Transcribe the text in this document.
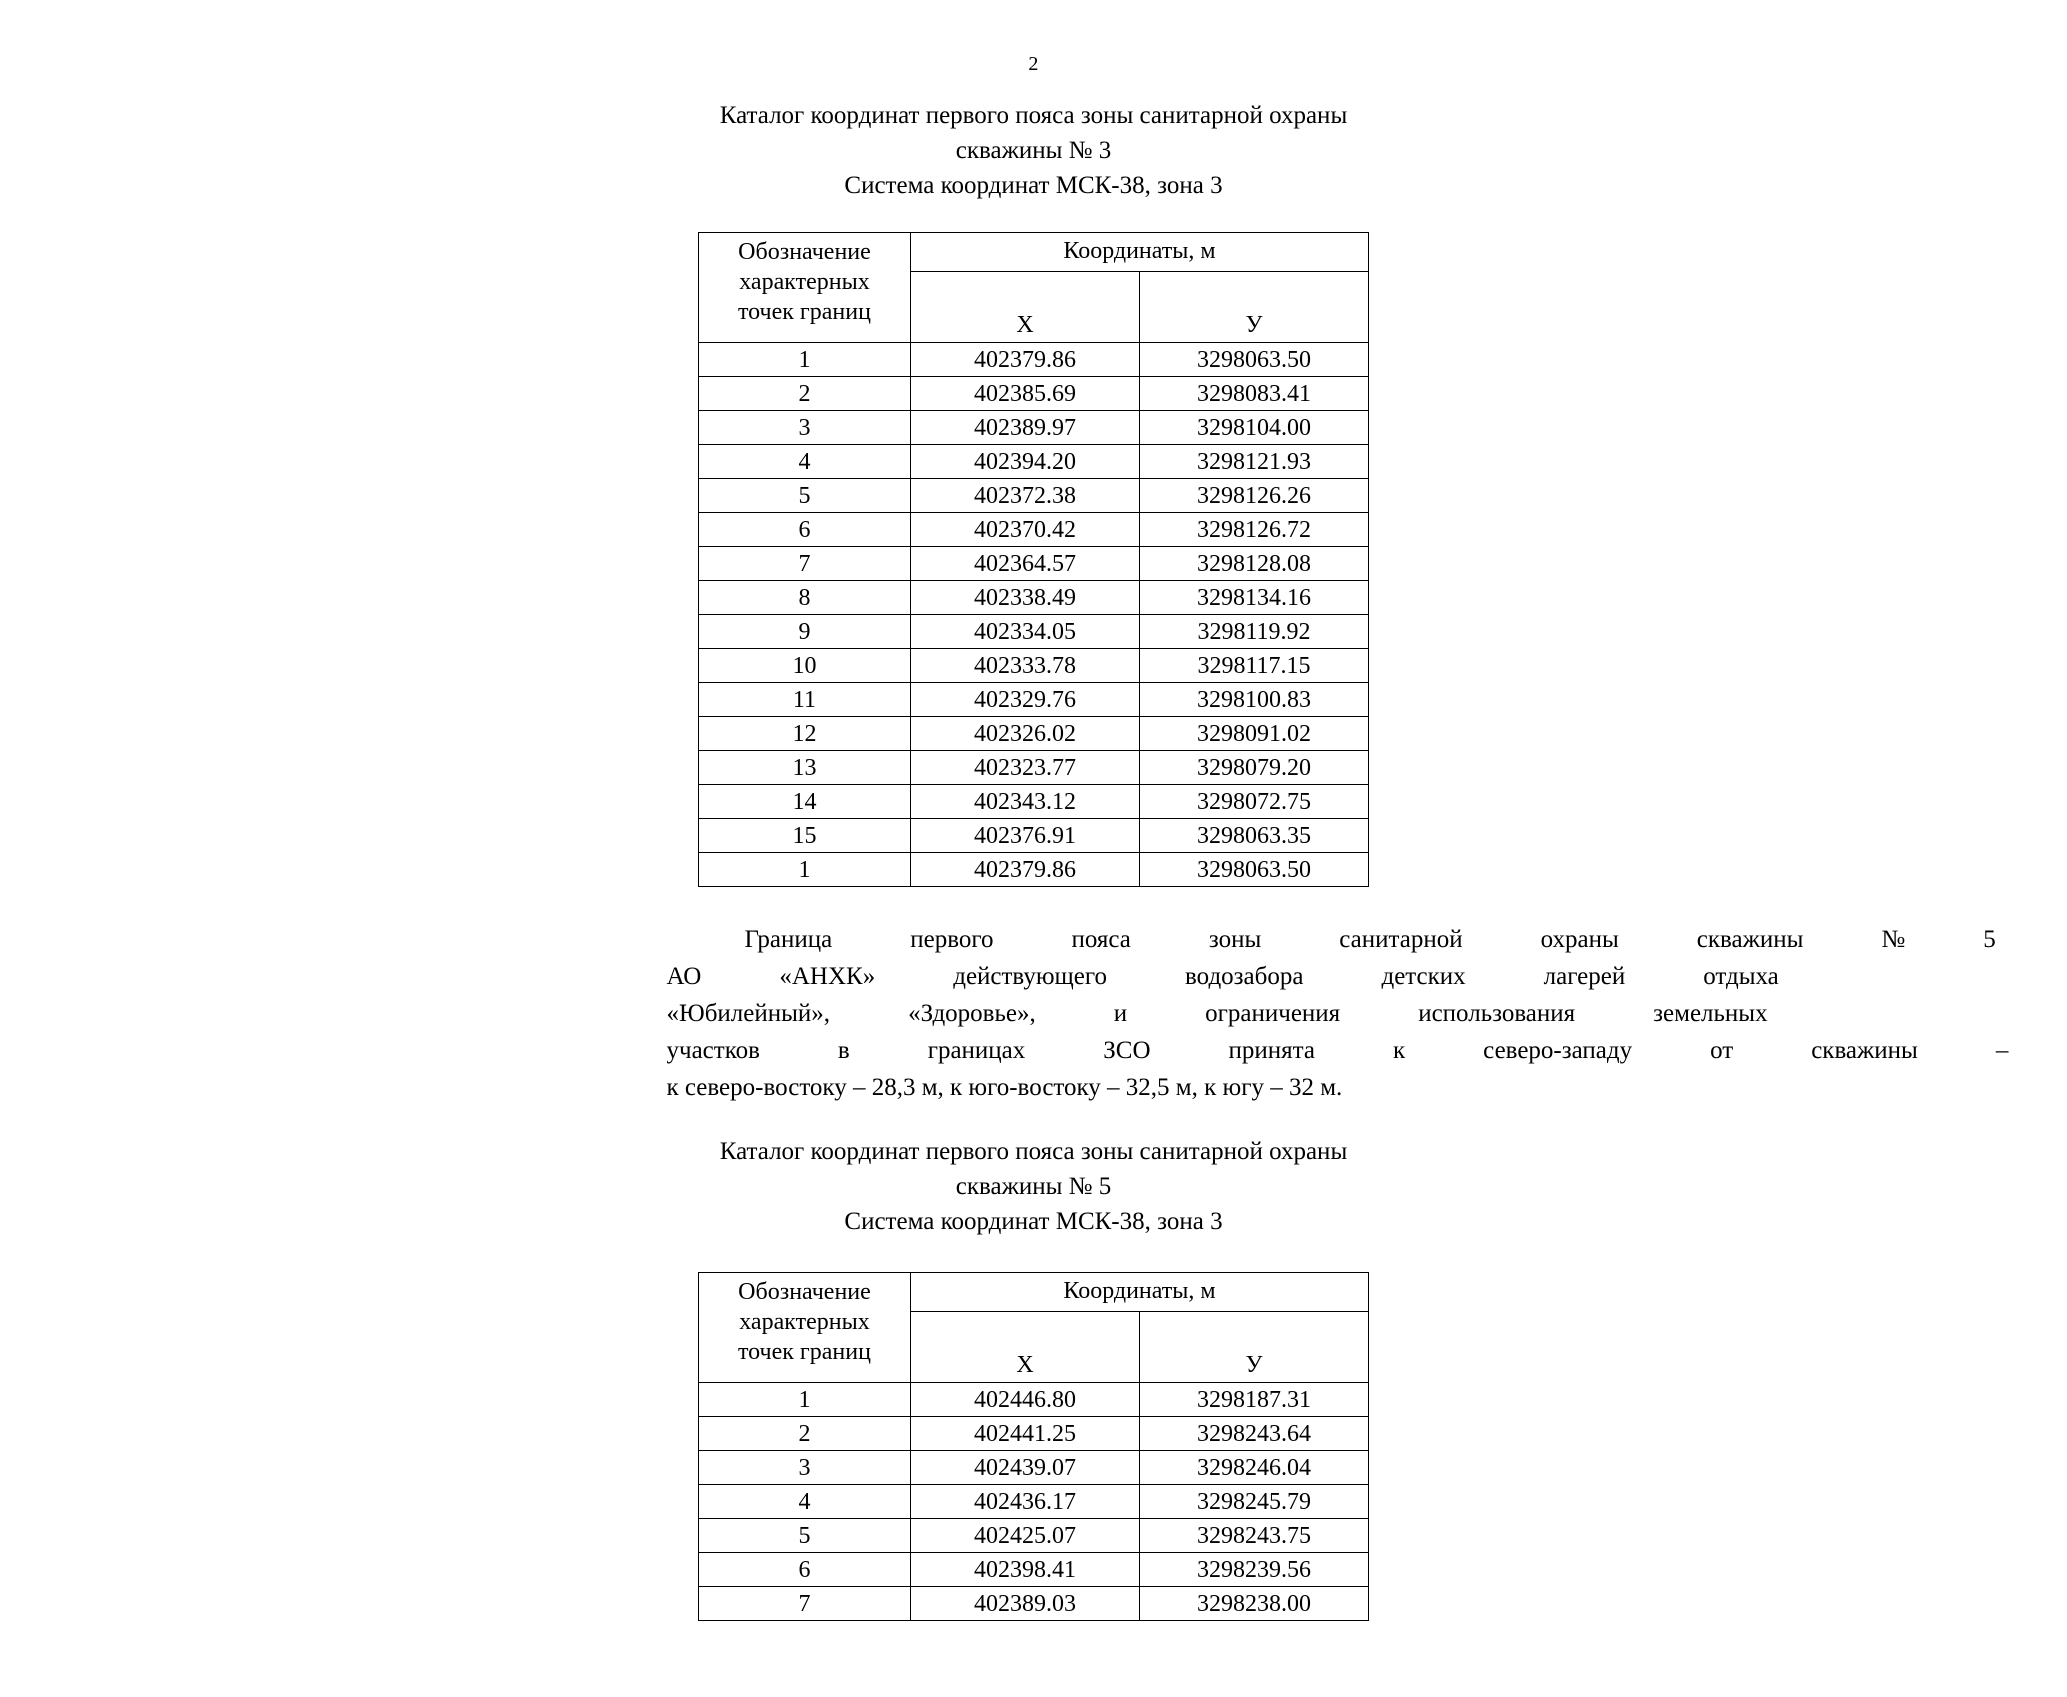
2
Каталог координат первого пояса зоны санитарной охраны
скважины № 3
Система координат МСК-38, зона 3
Обозначение
характерных
точек границ	Координаты, м	
	X	У
1	402379.86	3298063.50
2	402385.69	3298083.41
3	402389.97	3298104.00
4	402394.20	3298121.93
5	402372.38	3298126.26
6	402370.42	3298126.72
7	402364.57	3298128.08
8	402338.49	3298134.16
9	402334.05	3298119.92
10	402333.78	3298117.15
11	402329.76	3298100.83
12	402326.02	3298091.02
13	402323.77	3298079.20
14	402343.12	3298072.75
15	402376.91	3298063.35
1	402379.86	3298063.50
Граница	первого	пояса	зоны	санитарной	охраны	скважины	№	5
АО	«АНХК»	действующего	водозабора	детских	лагерей	отдыха
«Юбилейный»,	«Здоровье»,	и	ограничения	использования	земельных
участков	в	границах	ЗСО	принята	к	северо-западу	от	скважины	–
к северо-востоку – 28,3 м, к юго-востоку – 32,5 м, к югу – 32 м.
Каталог координат первого пояса зоны санитарной охраны
скважины № 5
Система координат МСК-38, зона 3
Обозначение
характерных
точек границ	Координаты, м	
	X	У
1	402446.80	3298187.31
2	402441.25	3298243.64
3	402439.07	3298246.04
4	402436.17	3298245.79
5	402425.07	3298243.75
6	402398.41	3298239.56
7	402389.03	3298238.00
